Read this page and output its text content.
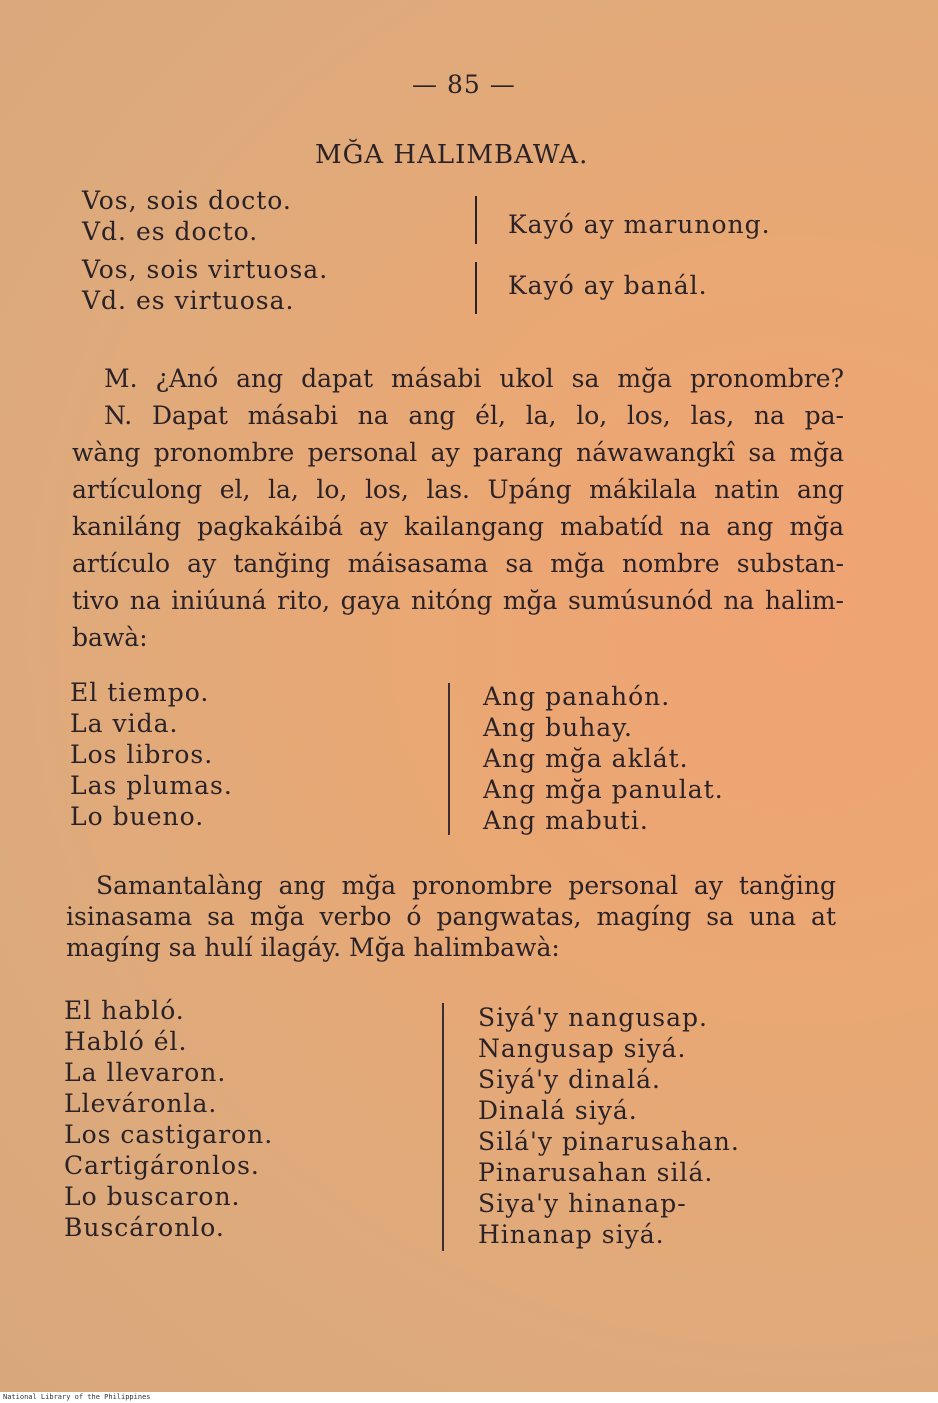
— 85 —
MĞA HALIMBAWA.
Vos, sois docto.
Vd. es docto.	Kayó ay marunong.
Vos, sois virtuosa.
Vd. es virtuosa.
Kayó ay banál.
M. ¿Anó ang dapat másabi ukol sa mğa pronombre?
N. Dapat másabi na ang él, la, lo, los, las, na pa-
wàng pronombre personal ay parang náwawangkî sa mğa
artículong el, la, lo, los, las. Upáng mákilala natin ang
kaniláng pagkakáibá ay kailangang mabatíd na ang mğa
artículo ay tanğing máisasama sa mğa nombre substan-
tivo na iniúuná rito, gaya nitóng mğa sumúsunód na halim-
bawà:
El tiempo.
La vida.
Los libros.
Las plumas.
Lo bueno.
Ang panahón.
Ang buhay.
Ang mğa aklát.
Ang mğa panulat.
Ang mabuti.
Samantalàng ang mğa pronombre personal ay tanğing
isinasama sa mğa verbo ó pangwatas, magíng sa una at
magíng sa hulí ilagáy. Mğa halimbawà:
El habló.
Habló él.
La llevaron.
Lleváronla.
Los castigaron.
Cartigáronlos.
Lo buscaron.
Buscáronlo.
Siyá'y nangusap.
Nangusap siyá.
Siyá'y dinalá.
Dinalá siyá.
Silá'y pinarusahan.
Pinarusahan silá.
Siya'y hinanap-
Hinanap siyá.
National Library of the Philippines
